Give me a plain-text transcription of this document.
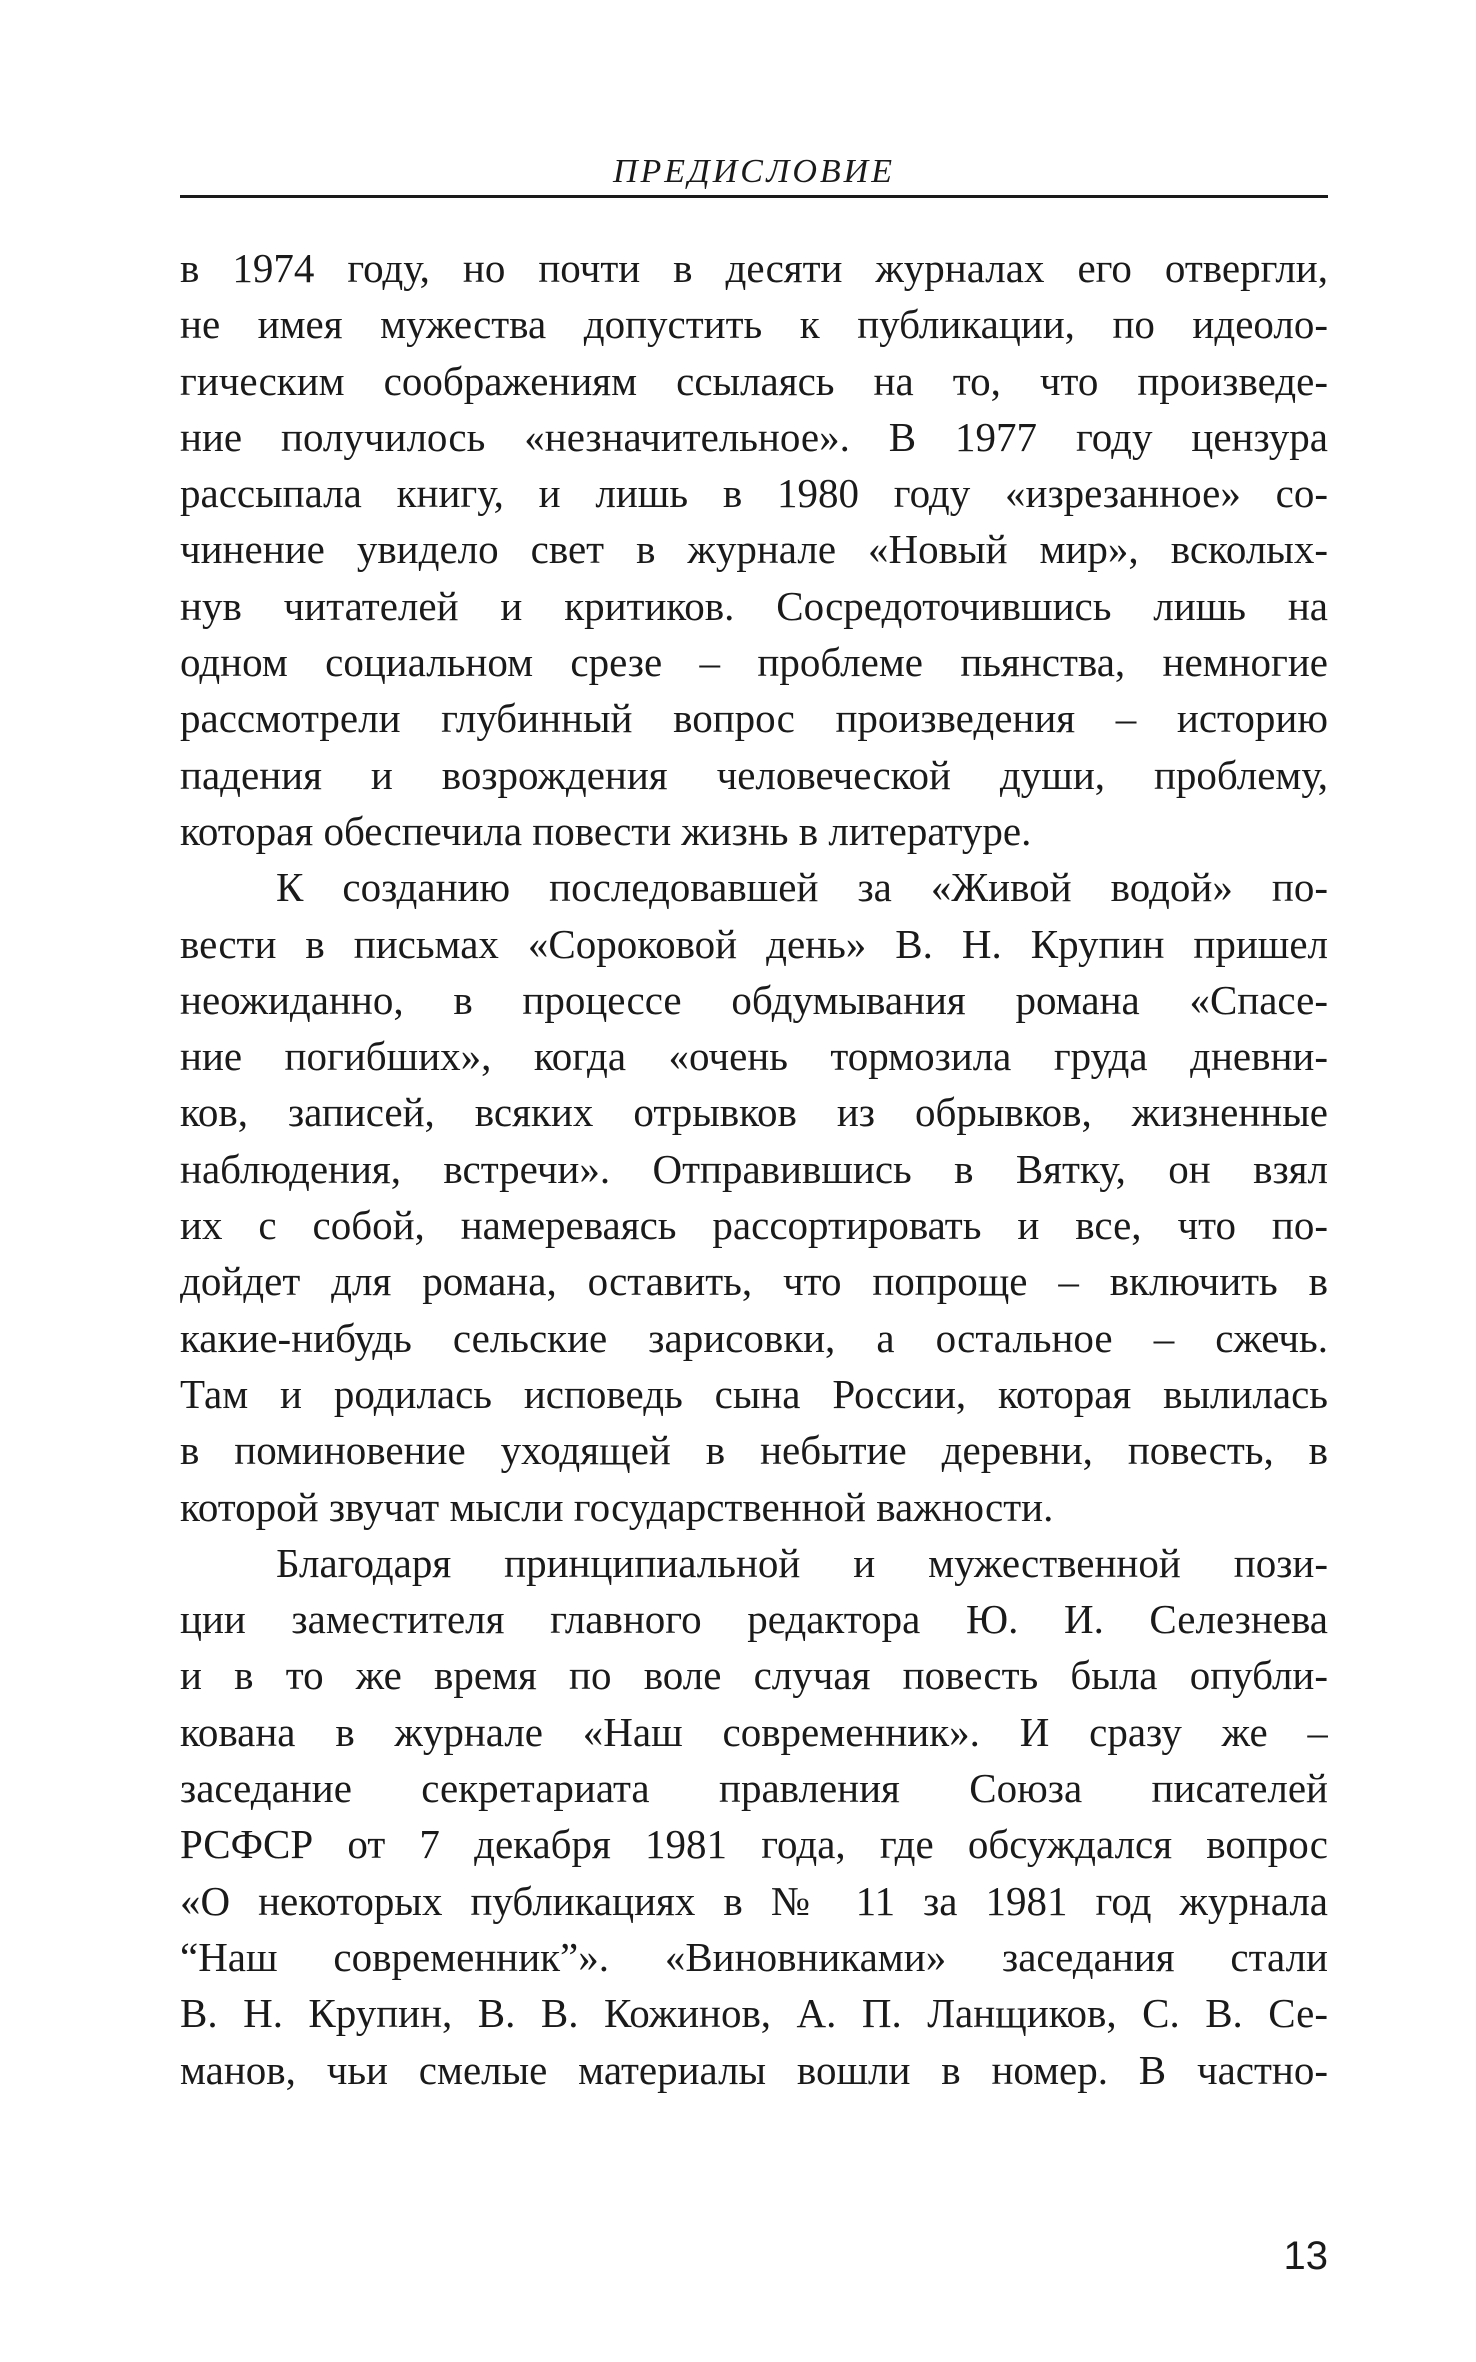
ПРЕДИСЛОВИЕ
в 1974 году, но почти в десяти журналах его отвергли,
не имея мужества допустить к публикации, по идеоло-
гическим соображениям ссылаясь на то, что произведе-
ние получилось «незначительное». В 1977 году цензура
рассыпала книгу, и лишь в 1980 году «изрезанное» со-
чинение увидело свет в журнале «Новый мир», всколых-
нув читателей и критиков. Сосредоточившись лишь на
одном социальном срезе – проблеме пьянства, немногие
рассмотрели глубинный вопрос произведения – историю
падения и возрождения человеческой души, проблему,
которая обеспечила повести жизнь в литературе.
К созданию последовавшей за «Живой водой» по-
вести в письмах «Сороковой день» В. Н. Крупин пришел
неожиданно, в процессе обдумывания романа «Спасе-
ние погибших», когда «очень тормозила груда дневни-
ков, записей, всяких отрывков из обрывков, жизненные
наблюдения, встречи». Отправившись в Вятку, он взял
их с собой, намереваясь рассортировать и все, что по-
дойдет для романа, оставить, что попроще – включить в
какие-нибудь сельские зарисовки, а остальное – сжечь.
Там и родилась исповедь сына России, которая вылилась
в поминовение уходящей в небытие деревни, повесть, в
которой звучат мысли государственной важности.
Благодаря принципиальной и мужественной пози-
ции заместителя главного редактора Ю. И. Селезнева
и в то же время по воле случая повесть была опубли-
кована в журнале «Наш современник». И сразу же –
заседание секретариата правления Союза писателей
РСФСР от 7 декабря 1981 года, где обсуждался вопрос
«О некоторых публикациях в № 11 за 1981 год журнала
“Наш современник”». «Виновниками» заседания стали
В. Н. Крупин, В. В. Кожинов, А. П. Ланщиков, С. В. Се-
манов, чьи смелые материалы вошли в номер. В частно-
13
